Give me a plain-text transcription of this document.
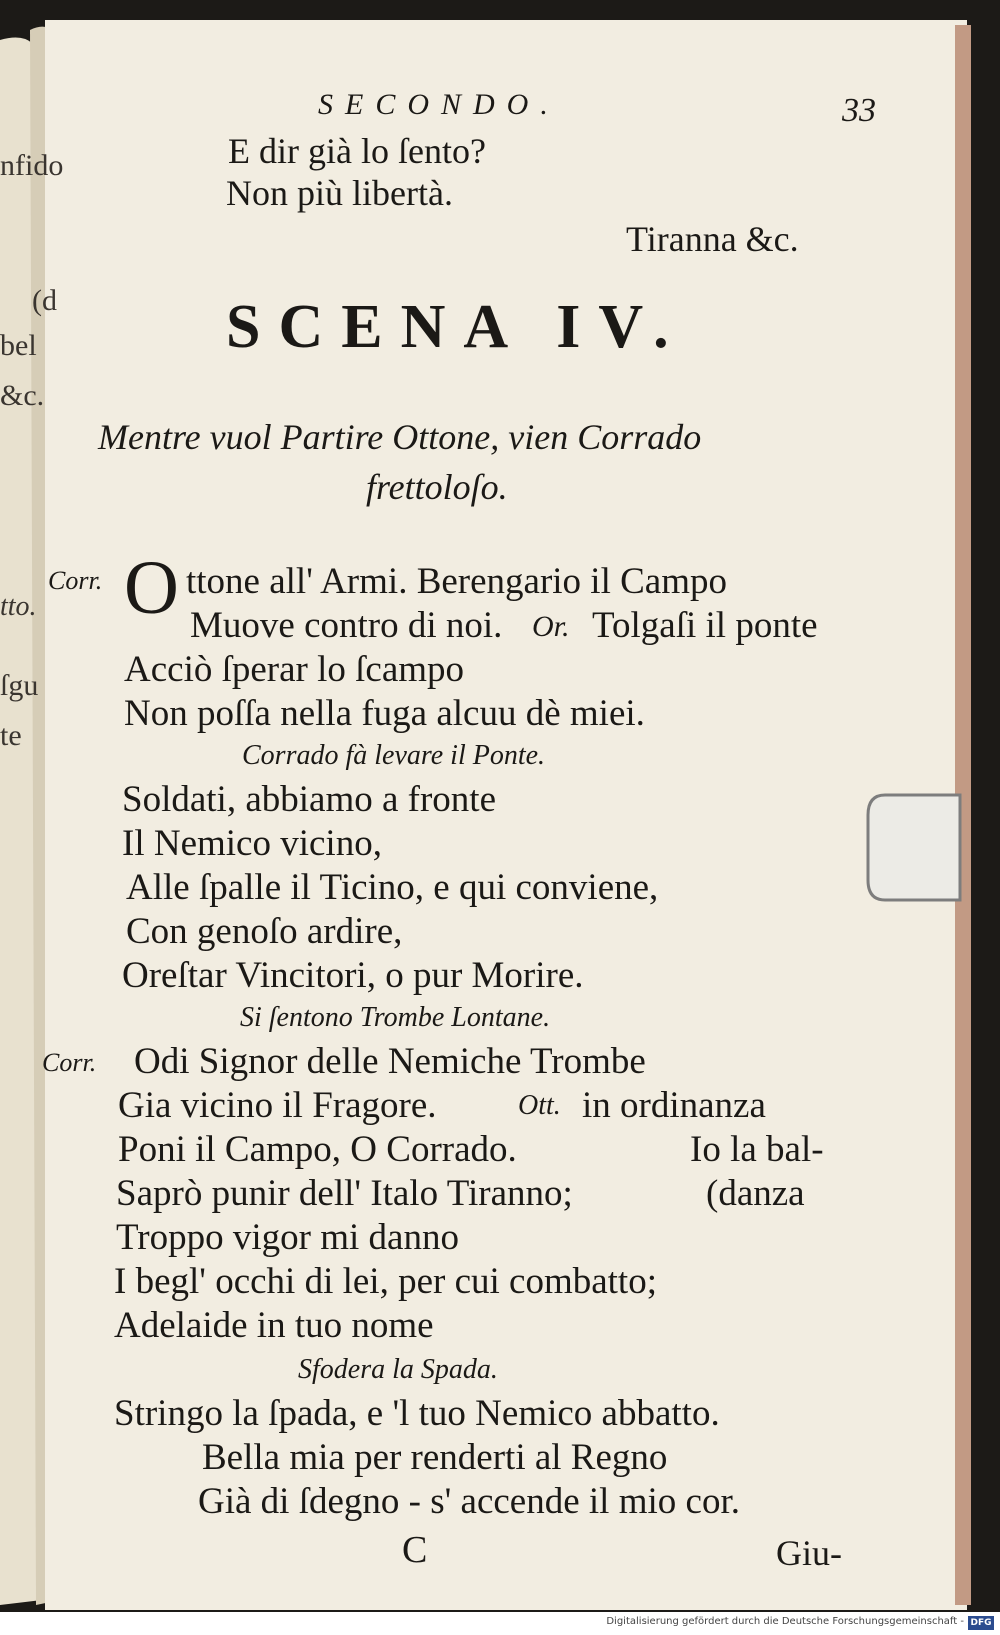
nfido
(d
bel
&c.
tto.
ſgu
te
SECONDO.	33
E dir già lo ſento?
Non più libertà.
Tiranna &c.
SCENA IV.
Mentre vuol Partire Ottone, vien Corrado
frettoloſo.
Corr. O ttone all' Armi. Berengario il Campo
Muove contro di noi. Or. Tolgaſi il ponte
Acciò ſperar lo ſcampo
Non poſſa nella fuga alcuu dè miei.
Corrado fà levare il Ponte.
Soldati, abbiamo a fronte
Il Nemico vicino,
Alle ſpalle il Ticino, e qui conviene,
Con genoſo ardire,
Oreſtar Vincitori, o pur Morire.
Si ſentono Trombe Lontane.
Corr. Odi Signor delle Nemiche Trombe
Gia vicino il Fragore.	Ott. in ordinanza
Poni il Campo, O Corrado.	Io la bal-
Saprò punir dell' Italo Tiranno;	(danza
Troppo vigor mi danno
I begl' occhi di lei, per cui combatto;
Adelaide in tuo nome
Sfodera la Spada.
Stringo la ſpada, e 'l tuo Nemico abbatto.
Bella mia per renderti al Regno
Già di ſdegno - s' accende il mio cor.
C	Giu-
Digitalisierung gefördert durch die Deutsche Forschungsgemeinschaft - DFG
